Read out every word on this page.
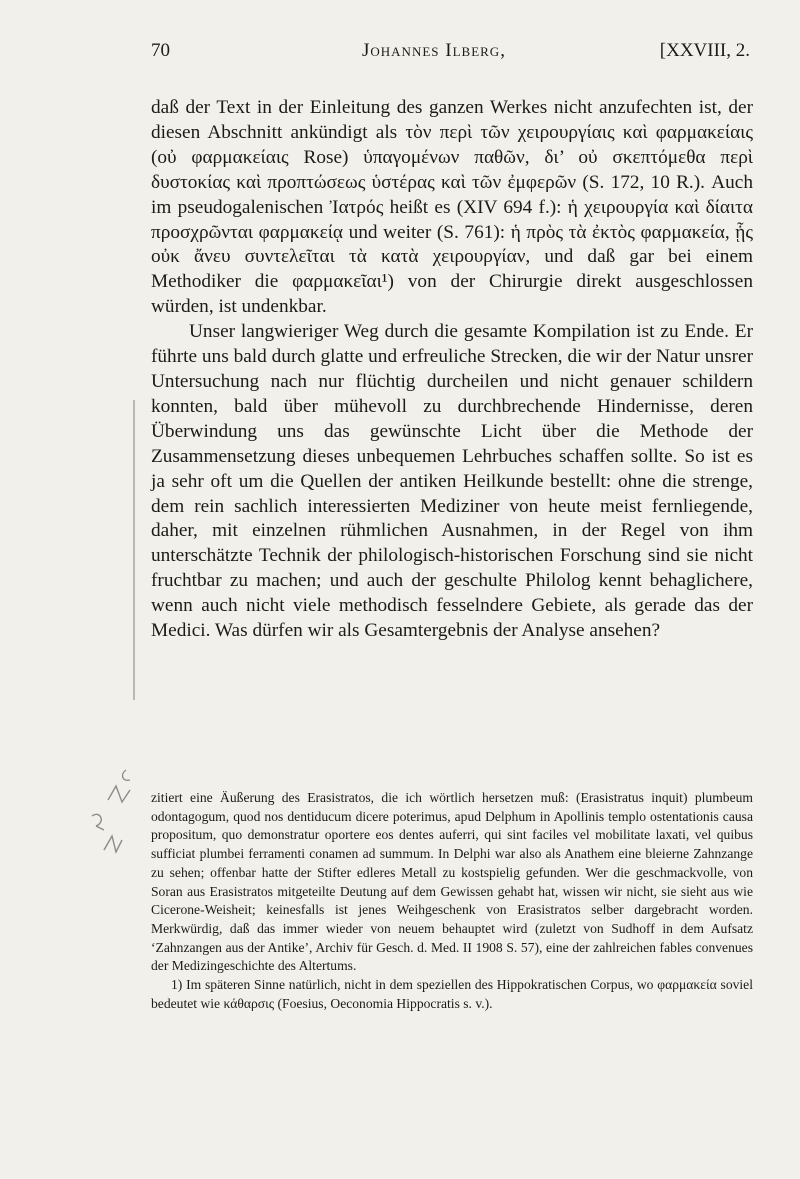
70	Johannes Ilberg,	[XXVIII, 2.

daß der Text in der Einleitung des ganzen Werkes nicht anzufechten ist, der diesen Abschnitt ankündigt als τὸν περὶ τῶν χειρουργίαις καὶ φαρμακείαις (οὐ φαρμακείαις Rose) ὑπαγομένων παθῶν, δι’ οὐ σκεπτόμεθα περὶ δυστοκίας καὶ προπτώσεως ὑστέρας καὶ τῶν ἐμφερῶν (S. 172, 10 R.). Auch im pseudogalenischen Ἰατρός heißt es (XIV 694 f.): ἡ χειρουργία καὶ δίαιτα προσχρῶνται φαρμακείᾳ und weiter (S. 761): ἡ πρὸς τὰ ἐκτὸς φαρμακεία, ᾗς οὐκ ἄνευ συντελεῖται τὰ κατὰ χειρουργίαν, und daß gar bei einem Methodiker die φαρμακεῖαι¹) von der Chirurgie direkt ausgeschlossen würden, ist undenkbar.

Unser langwieriger Weg durch die gesamte Kompilation ist zu Ende. Er führte uns bald durch glatte und erfreuliche Strecken, die wir der Natur unsrer Untersuchung nach nur flüchtig durcheilen und nicht genauer schildern konnten, bald über mühevoll zu durchbrechende Hindernisse, deren Überwindung uns das gewünschte Licht über die Methode der Zusammensetzung dieses unbequemen Lehrbuches schaffen sollte. So ist es ja sehr oft um die Quellen der antiken Heilkunde bestellt: ohne die strenge, dem rein sachlich interessierten Mediziner von heute meist fernliegende, daher, mit einzelnen rühmlichen Ausnahmen, in der Regel von ihm unterschätzte Technik der philologisch-historischen Forschung sind sie nicht fruchtbar zu machen; und auch der geschulte Philolog kennt behaglichere, wenn auch nicht viele methodisch fesselndere Gebiete, als gerade das der Medici. Was dürfen wir als Gesamtergebnis der Analyse ansehen?

zitiert eine Äußerung des Erasistratos, die ich wörtlich hersetzen muß: (Erasistratus inquit) plumbeum odontagogum, quod nos dentiducum dicere poterimus, apud Delphum in Apollinis templo ostentationis causa propositum, quo demonstratur oportere eos dentes auferri, qui sint faciles vel mobilitate laxati, vel quibus sufficiat plumbei ferramenti conamen ad summum. In Delphi war also als Anathem eine bleierne Zahnzange zu sehen; offenbar hatte der Stifter edleres Metall zu kostspielig gefunden. Wer die geschmackvolle, von Soran aus Erasistratos mitgeteilte Deutung auf dem Gewissen gehabt hat, wissen wir nicht, sie sieht aus wie Cicerone-Weisheit; keinesfalls ist jenes Weihgeschenk von Erasistratos selber dargebracht worden. Merkwürdig, daß das immer wieder von neuem behauptet wird (zuletzt von Sudhoff in dem Aufsatz ‘Zahnzangen aus der Antike’, Archiv für Gesch. d. Med. II 1908 S. 57), eine der zahlreichen fables convenues der Medizingeschichte des Altertums.

1) Im späteren Sinne natürlich, nicht in dem speziellen des Hippokratischen Corpus, wo φαρμακεία soviel bedeutet wie κάθαρσις (Foesius, Oeconomia Hippocratis s. v.).
